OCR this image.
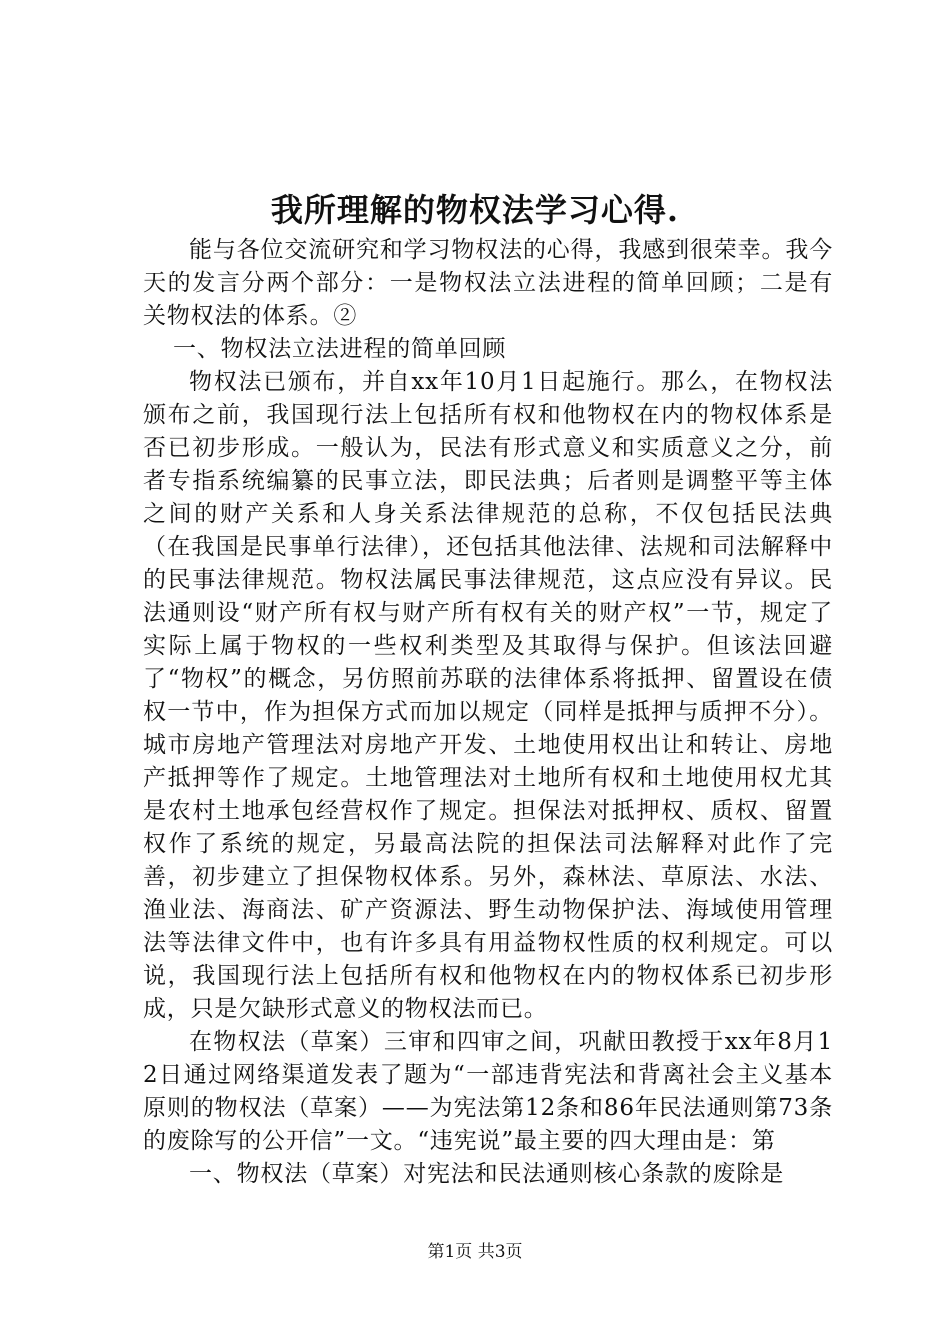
我所理解的物权法学习心得.

能与各位交流研究和学习物权法的心得，我感到很荣幸。我今天的发言分两个部分：一是物权法立法进程的简单回顾；二是有关物权法的体系。②

一、物权法立法进程的简单回顾

物权法已颁布，并自xx年10月1日起施行。那么，在物权法颁布之前，我国现行法上包括所有权和他物权在内的物权体系是否已初步形成。一般认为，民法有形式意义和实质意义之分，前者专指系统编纂的民事立法，即民法典；后者则是调整平等主体之间的财产关系和人身关系法律规范的总称，不仅包括民法典（在我国是民事单行法律），还包括其他法律、法规和司法解释中的民事法律规范。物权法属民事法律规范，这点应没有异议。民法通则设“财产所有权与财产所有权有关的财产权”一节，规定了实际上属于物权的一些权利类型及其取得与保护。但该法回避了“物权”的概念，另仿照前苏联的法律体系将抵押、留置设在债权一节中，作为担保方式而加以规定（同样是抵押与质押不分）。城市房地产管理法对房地产开发、土地使用权出让和转让、房地产抵押等作了规定。土地管理法对土地所有权和土地使用权尤其是农村土地承包经营权作了规定。担保法对抵押权、质权、留置权作了系统的规定，另最高法院的担保法司法解释对此作了完善，初步建立了担保物权体系。另外，森林法、草原法、水法、渔业法、海商法、矿产资源法、野生动物保护法、海域使用管理法等法律文件中，也有许多具有用益物权性质的权利规定。可以说，我国现行法上包括所有权和他物权在内的物权体系已初步形成，只是欠缺形式意义的物权法而已。

在物权法（草案）三审和四审之间，巩献田教授于xx年8月12日通过网络渠道发表了题为“一部违背宪法和背离社会主义基本原则的物权法（草案）——为宪法第12条和86年民法通则第73条的废除写的公开信”一文。“违宪说”最主要的四大理由是：第

一、物权法（草案）对宪法和民法通则核心条款的废除是

第1页 共3页
